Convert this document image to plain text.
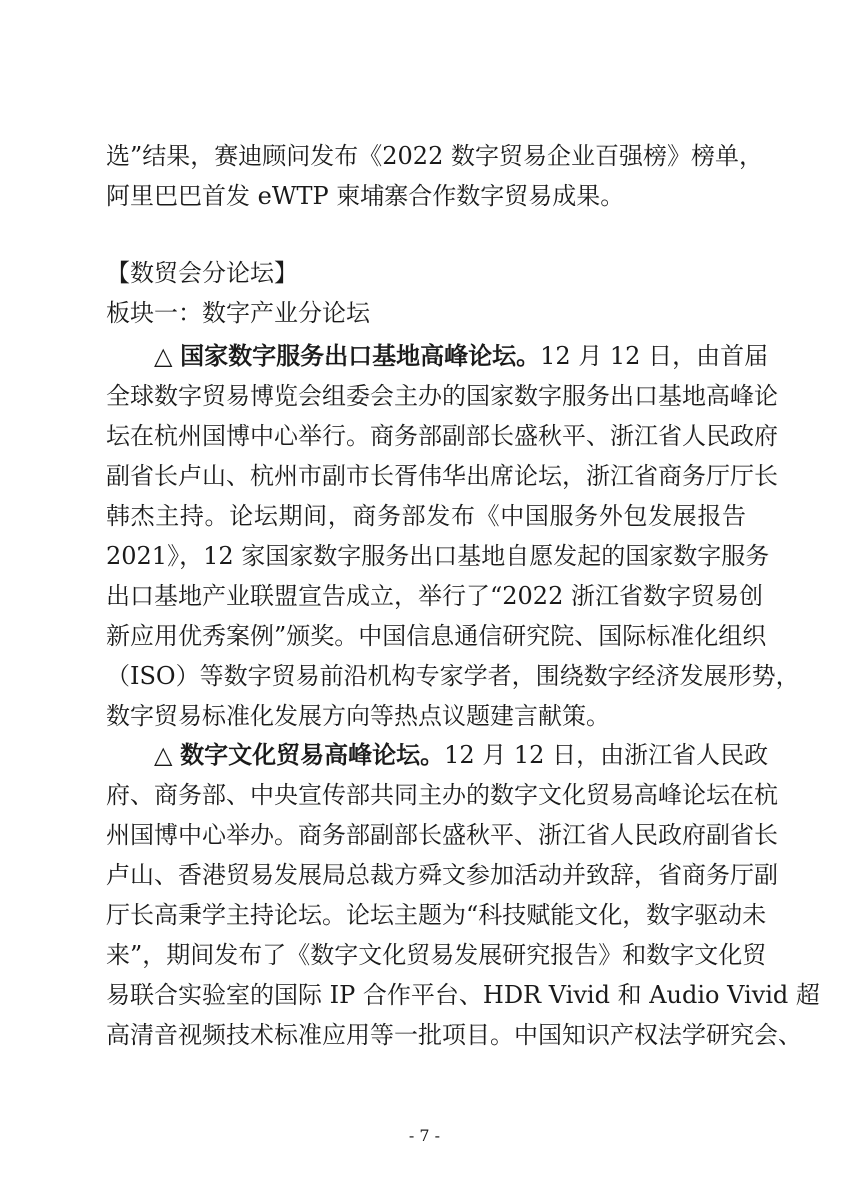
选”结果，赛迪顾问发布《2022 数字贸易企业百强榜》榜单，
阿里巴巴首发 eWTP 柬埔寨合作数字贸易成果。
【数贸会分论坛】
板块一：数字产业分论坛
△ 国家数字服务出口基地高峰论坛。12 月 12 日，由首届
全球数字贸易博览会组委会主办的国家数字服务出口基地高峰论
坛在杭州国博中心举行。商务部副部长盛秋平、浙江省人民政府
副省长卢山、杭州市副市长胥伟华出席论坛，浙江省商务厅厅长
韩杰主持。论坛期间，商务部发布《中国服务外包发展报告
2021》，12 家国家数字服务出口基地自愿发起的国家数字服务
出口基地产业联盟宣告成立，举行了“2022 浙江省数字贸易创
新应用优秀案例”颁奖。中国信息通信研究院、国际标准化组织
（ISO）等数字贸易前沿机构专家学者，围绕数字经济发展形势，
数字贸易标准化发展方向等热点议题建言献策。
△ 数字文化贸易高峰论坛。12 月 12 日，由浙江省人民政
府、商务部、中央宣传部共同主办的数字文化贸易高峰论坛在杭
州国博中心举办。商务部副部长盛秋平、浙江省人民政府副省长
卢山、香港贸易发展局总裁方舜文参加活动并致辞，省商务厅副
厅长高秉学主持论坛。论坛主题为“科技赋能文化，数字驱动未
来”，期间发布了《数字文化贸易发展研究报告》和数字文化贸
易联合实验室的国际 IP 合作平台、HDR Vivid 和 Audio Vivid 超
高清音视频技术标准应用等一批项目。中国知识产权法学研究会、
- 7 -
